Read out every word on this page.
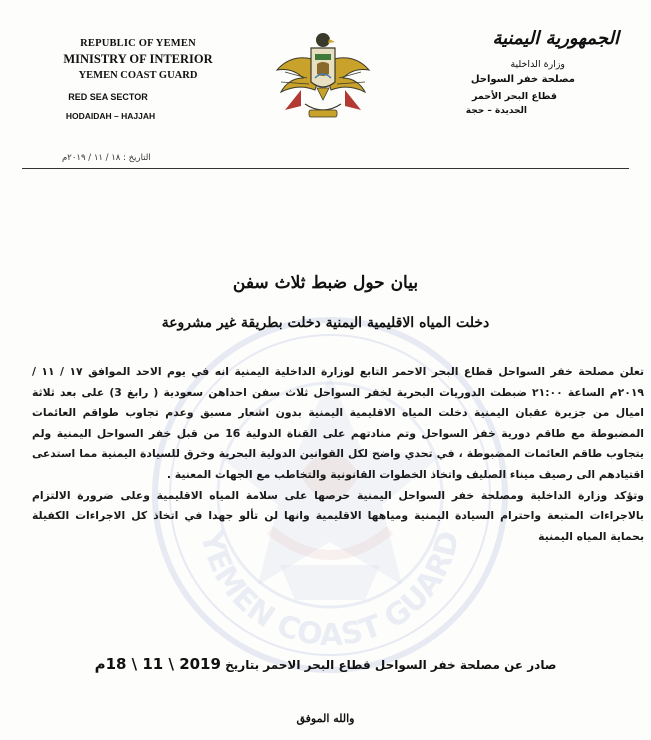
YEMEN COAST GUARD
REPUBLIC OF YEMEN
MINISTRY OF INTERIOR
YEMEN COAST GUARD
RED SEA SECTOR
HODAIDAH – HAJJAH
الجمهورية اليمنية
وزارة الداخلية
مصلحة خفر السواحل
قطاع البحر الأحمر
الحديدة – حجة
التاريخ : ١٨ / ١١ / ٢٠١٩م
بيان حول ضبط ثلاث سفن
دخلت المياه الاقليمية اليمنية دخلت بطريقة غير مشروعة

تعلن مصلحة خفر السواحل قطاع البحر الاحمر التابع لوزارة الداخلية اليمنية انه في يوم الاحد الموافق ١٧ / ١١ / ٢٠١٩م الساعة ٢١:٠٠ ضبطت الدوريات البحرية لخفر السواحل ثلاث سفن احداهن سعودية ( رابغ 3) على بعد ثلاثة اميال من جزيرة عقبان اليمنية دخلت المياه الاقليمية اليمنية بدون اشعار مسبق وعدم تجاوب طواقم العائمات المضبوطة مع طاقم دورية خفر السواحل وتم منادتهم على القناة الدولية 16 من قبل خفر السواحل اليمنية ولم يتجاوب طاقم العائمات المضبوطة ، في تحدي واضح لكل القوانين الدولية البحرية وخرق للسيادة اليمنية مما استدعى اقتيادهم الى رصيف ميناء الصليف واتخاذ الخطوات القانونية والتخاطب مع الجهات المعنية .

وتؤكد وزارة الداخلية ومصلحة خفر السواحل اليمنية حرصها على سلامة المياه الاقليمية وعلى ضرورة الالتزام بالاجراءات المتبعة واحترام السيادة اليمنية ومياهها الاقليمية وانها لن تألو جهدا في اتخاذ كل الاجراءات الكفيلة بحماية المياه اليمنية

صادر عن مصلحة خفر السواحل قطاع البحر الاحمر بتاريخ 2019 \ 11 \ 18م
والله الموفق
